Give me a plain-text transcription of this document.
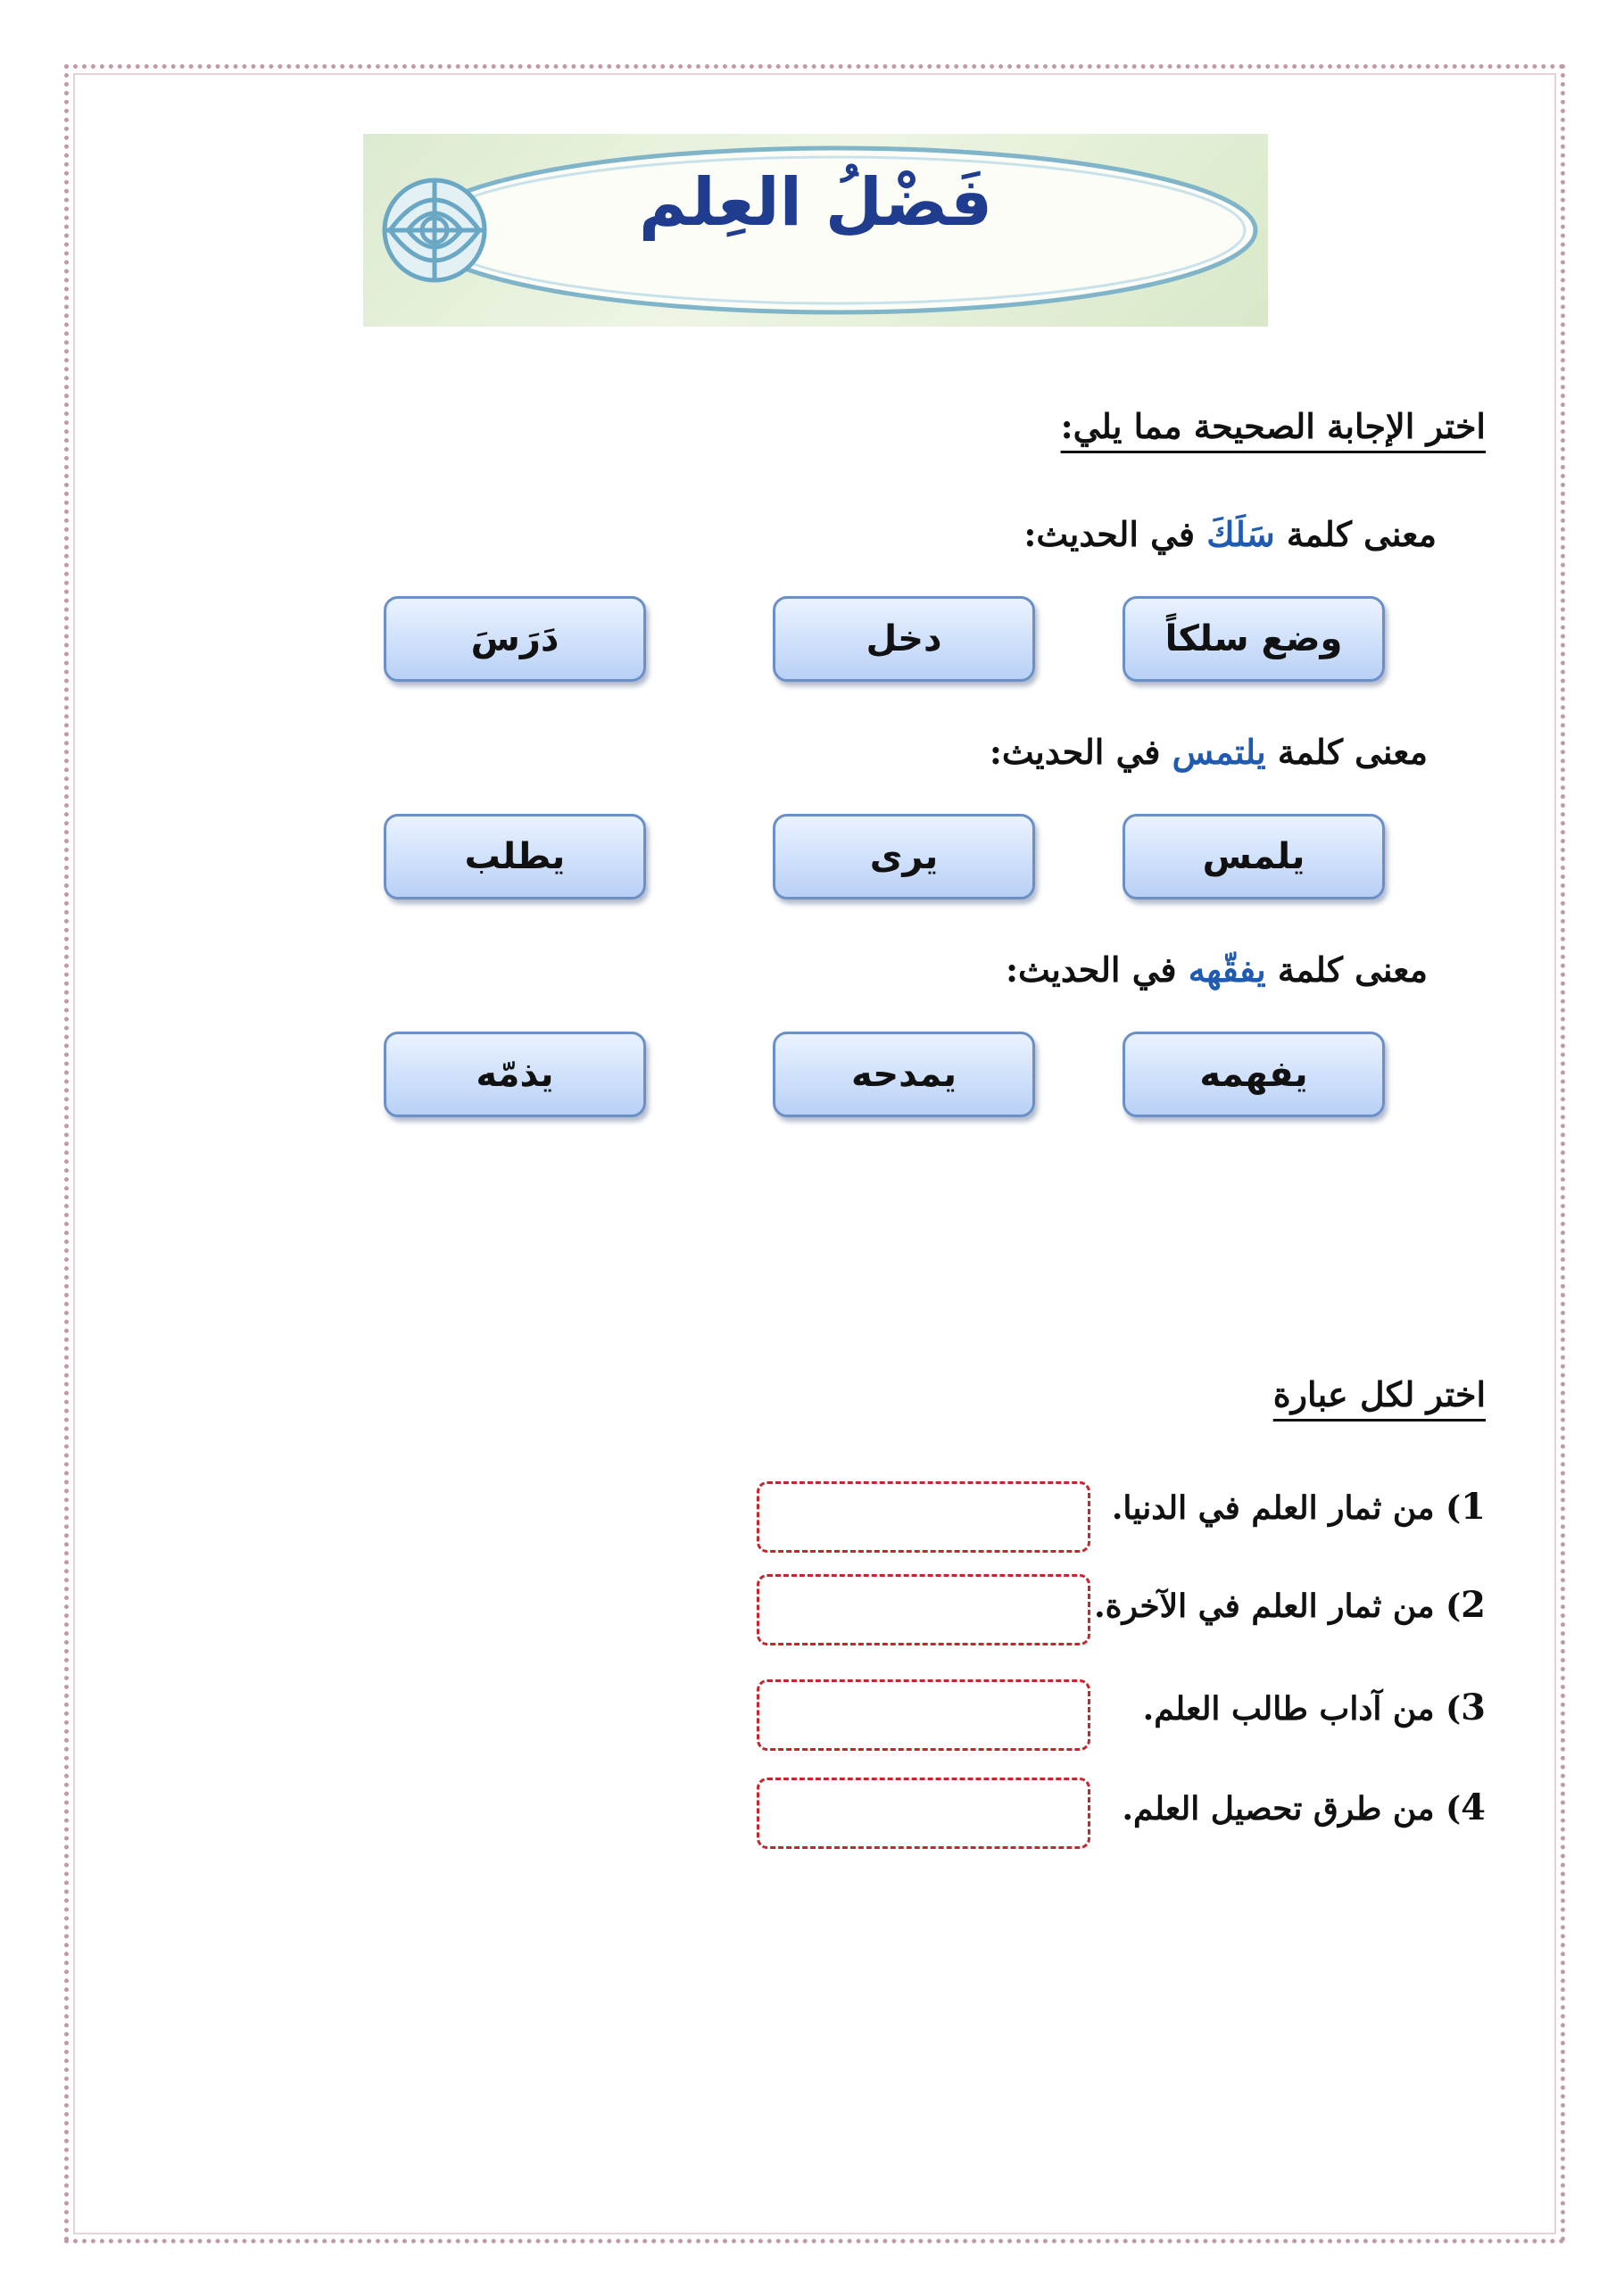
فَضْلُ العِلم
اختر الإجابة الصحيحة مما يلي:
معنى كلمة سَلَكَ في الحديث:
وضع سلكاً
دخل
دَرَسَ
معنى كلمة يلتمس في الحديث:
يلمس
يرى
يطلب
معنى كلمة يفقّهه في الحديث:
يفهمه
يمدحه
يذمّه
اختر لكل عبارة
1) من ثمار العلم في الدنيا.
2) من ثمار العلم في الآخرة.
3) من آداب طالب العلم.
4) من طرق تحصيل العلم.
